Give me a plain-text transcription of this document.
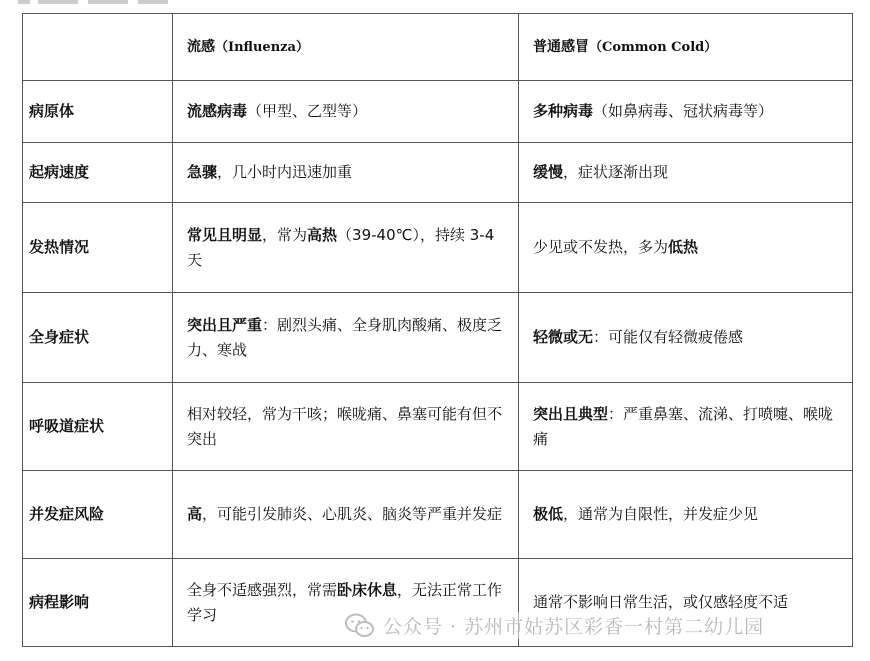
	流感（Influenza）	普通感冒（Common Cold）
病原体	流感病毒（甲型、乙型等）	多种病毒（如鼻病毒、冠状病毒等）
起病速度	急骤，几小时内迅速加重	缓慢，症状逐渐出现
发热情况	常见且明显，常为高热（39-40℃），持续 3-4 天	少见或不发热，多为低热
全身症状	突出且严重：剧烈头痛、全身肌肉酸痛、极度乏力、寒战	轻微或无：可能仅有轻微疲倦感
呼吸道症状	相对较轻，常为干咳；喉咙痛、鼻塞可能有但不突出	突出且典型：严重鼻塞、流涕、打喷嚏、喉咙痛
并发症风险	高，可能引发肺炎、心肌炎、脑炎等严重并发症	极低，通常为自限性，并发症少见
病程影响	全身不适感强烈，常需卧床休息，无法正常工作学习	通常不影响日常生活，或仅感轻度不适
公众号 · 苏州市姑苏区彩香一村第二幼儿园
